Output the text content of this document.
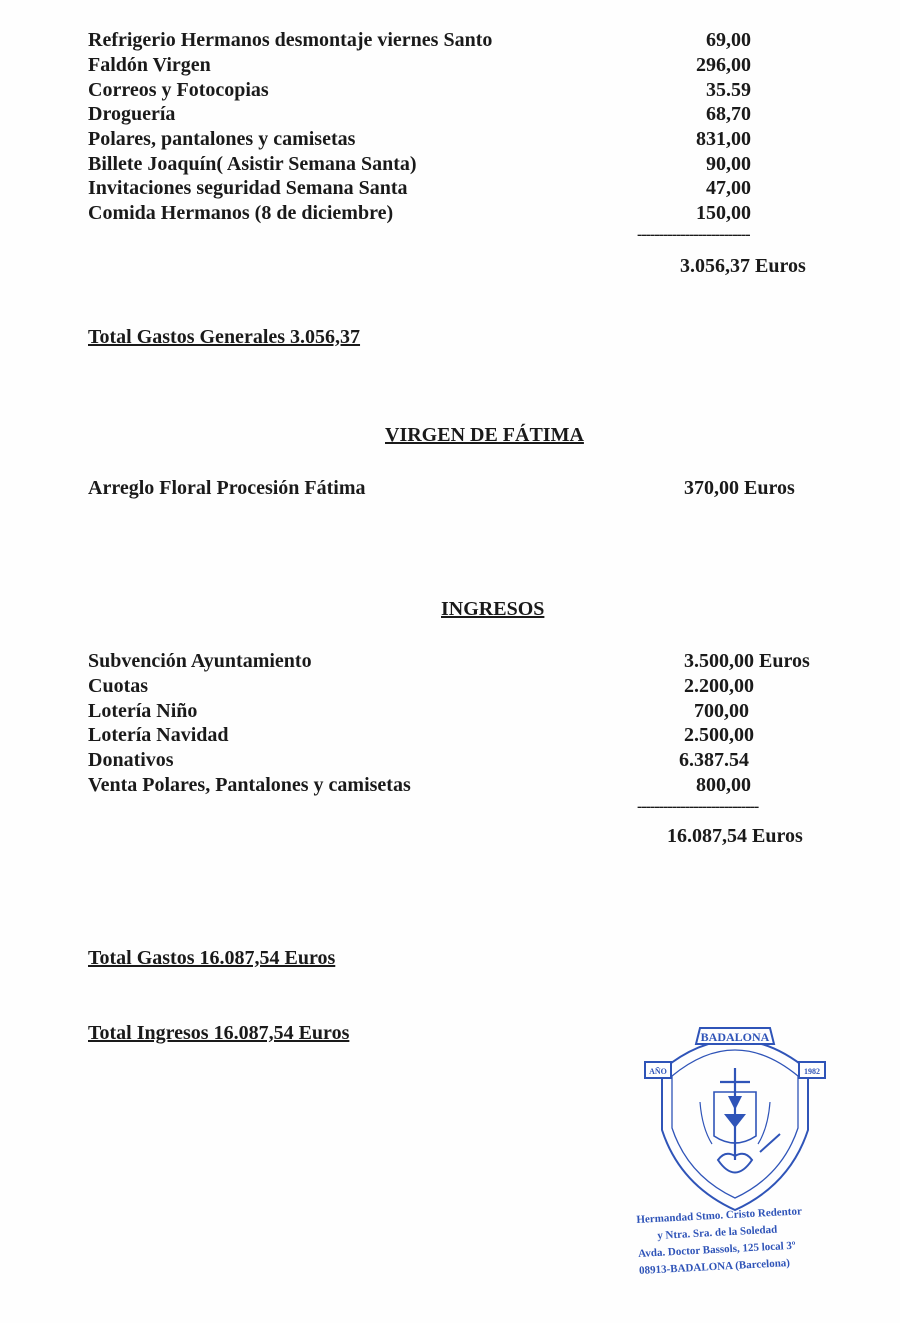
Refrigerio Hermanos desmontaje viernes Santo	69,00
Faldón Virgen	296,00
Correos y Fotocopias	35.59
Droguería	68,70
Polares, pantalones y camisetas	831,00
Billete Joaquín( Asistir Semana Santa)	90,00
Invitaciones seguridad Semana Santa	47,00
Comida Hermanos (8 de diciembre)	150,00
--------------------------
3.056,37 Euros
Total Gastos Generales 3.056,37
VIRGEN DE FÁTIMA
Arreglo Floral Procesión Fátima	370,00 Euros
INGRESOS
Subvención Ayuntamiento	3.500,00 Euros
Cuotas	2.200,00
Lotería Niño	700,00
Lotería Navidad	2.500,00
Donativos	6.387.54
Venta Polares, Pantalones y camisetas	800,00
----------------------------
16.087,54 Euros
Total Gastos 16.087,54 Euros
Total Ingresos 16.087,54 Euros	BADALONA
AÑO	1982
Hermandad Stmo. Cristo Redentor
y Ntra. Sra. de la Soledad
Avda. Doctor Bassols, 125 local 3º
08913-BADALONA (Barcelona)
